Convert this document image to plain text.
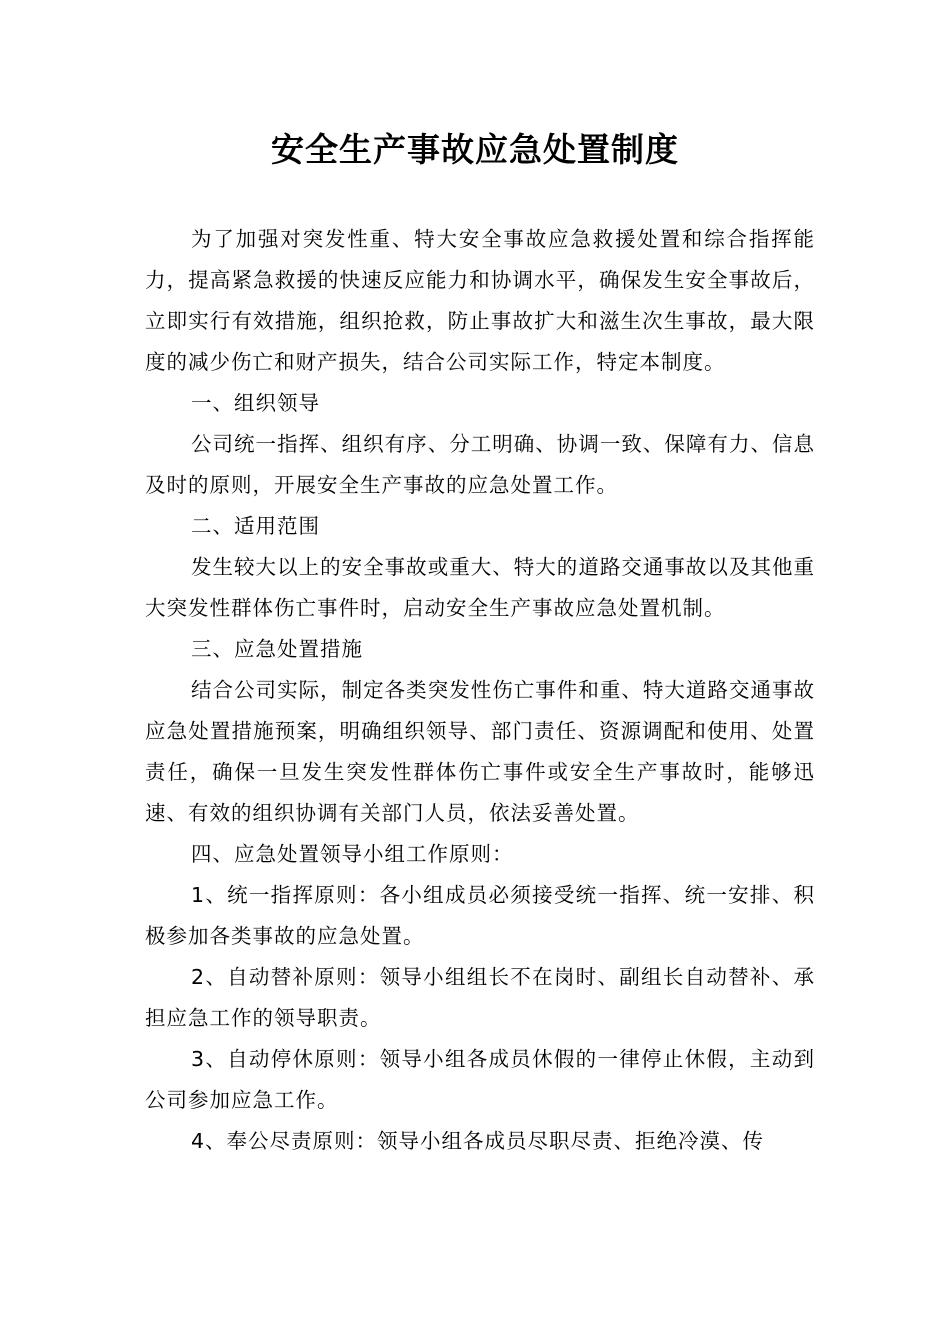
安全生产事故应急处置制度

为了加强对突发性重、特大安全事故应急救援处置和综合指挥能力，提高紧急救援的快速反应能力和协调水平，确保发生安全事故后，立即实行有效措施，组织抢救，防止事故扩大和滋生次生事故，最大限度的减少伤亡和财产损失，结合公司实际工作，特定本制度。

一、组织领导

公司统一指挥、组织有序、分工明确、协调一致、保障有力、信息及时的原则，开展安全生产事故的应急处置工作。

二、适用范围

发生较大以上的安全事故或重大、特大的道路交通事故以及其他重大突发性群体伤亡事件时，启动安全生产事故应急处置机制。

三、应急处置措施

结合公司实际，制定各类突发性伤亡事件和重、特大道路交通事故应急处置措施预案，明确组织领导、部门责任、资源调配和使用、处置责任，确保一旦发生突发性群体伤亡事件或安全生产事故时，能够迅速、有效的组织协调有关部门人员，依法妥善处置。

四、应急处置领导小组工作原则：

1、统一指挥原则：各小组成员必须接受统一指挥、统一安排、积极参加各类事故的应急处置。

2、自动替补原则：领导小组组长不在岗时、副组长自动替补、承担应急工作的领导职责。

3、自动停休原则：领导小组各成员休假的一律停止休假，主动到公司参加应急工作。

4、奉公尽责原则：领导小组各成员尽职尽责、拒绝冷漠、传
